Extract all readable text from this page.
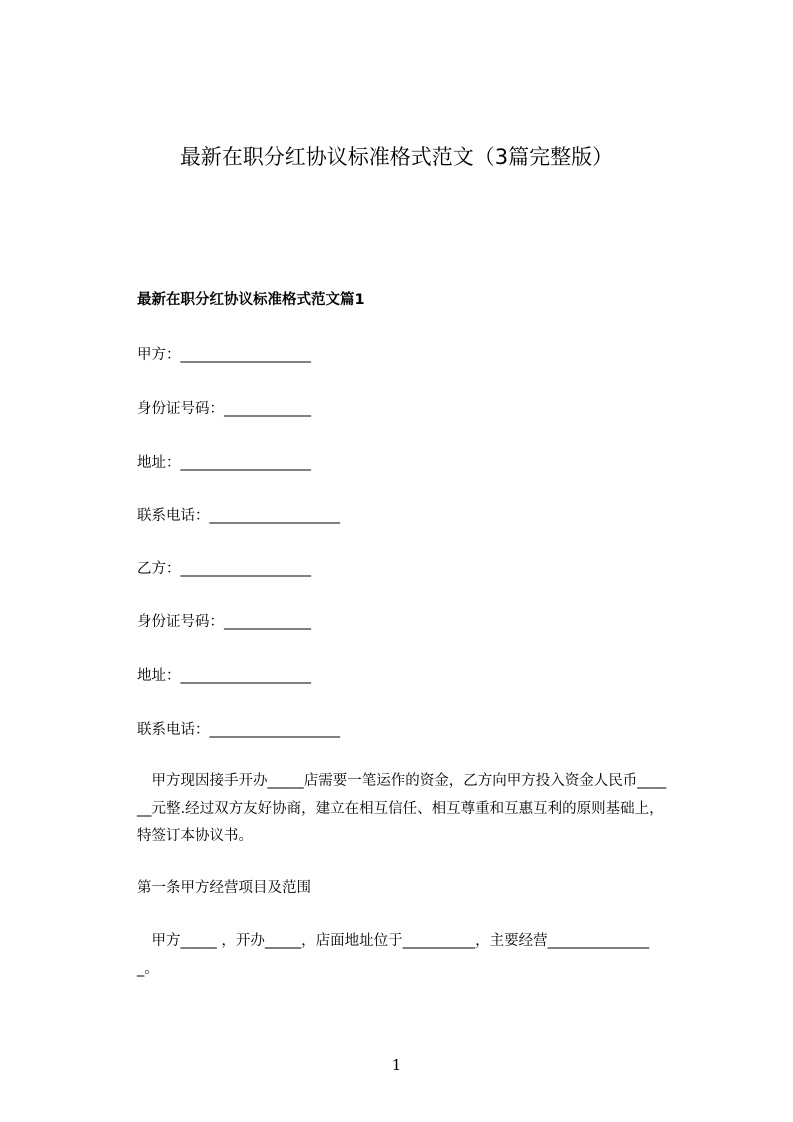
最新在职分红协议标准格式范文（3篇完整版）
最新在职分红协议标准格式范文篇1
甲方：__________________
身份证号码：____________
地址：__________________
联系电话：__________________
乙方：__________________
身份证号码：____________
地址：__________________
联系电话：__________________
　甲方现因接手开办_____店需要一笔运作的资金，乙方向甲方投入资金人民币____
__元整.经过双方友好协商，建立在相互信任、相互尊重和互惠互利的原则基础上，
特签订本协议书。
第一条甲方经营项目及范围
　甲方_____ ，开办_____，店面地址位于__________，主要经营______________
_。
1
